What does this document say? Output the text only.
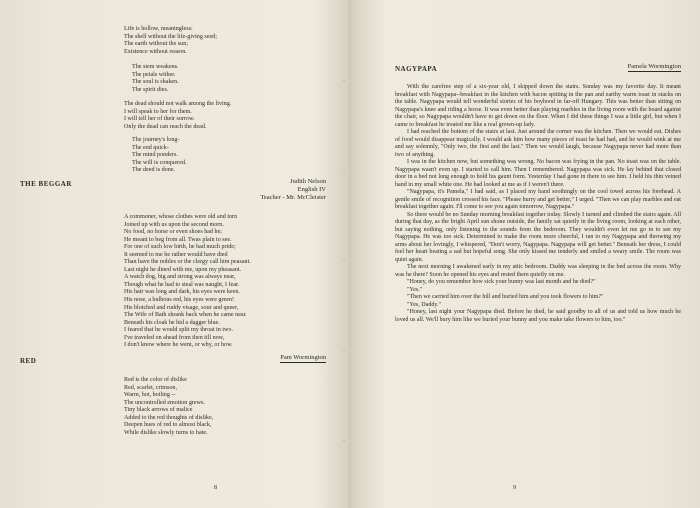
Life is hollow, meaningless:
The shell without the life-giving seed;
The earth without the sun;
Existence without reason.
The stem weakens.
The petals wither.
The soul is shaken.
The spirit dies.
The dead should not walk among the living.
I will speak to her for them.
I will tell her of their sorrow.
Only the dead can reach the dead.
The journey's long-
The end quick-
The mind ponders.
The will is conquered.
The deed is done.
THE BEGGAR	Judith Nelson
English IV
Teacher - Mr. McCleister
A commoner, whose clothes were old and torn
Joined up with us upon the second morn.
No food, no horse or even shoes had he;
He meant to beg from all. Twas plain to see.
For one of such low birth, he had much pride;
It seemed to me he rather would have died
Than have the nobles or the clergy call him peasant.
Last night he dined with me, upon my pheasant.
A watch dog, big and strong was always near,
Though what he had to steal was naught, I fear.
His hair was long and dark, his eyes were keen.
His nose, a bulbous red, his eyes were green!
His blotched and ruddy visage, sour and queer,
The Wife of Bath shrank back when he came near.
Beneath his cloak he hid a dagger blue.
I feared that he would split my throat in two.
I've traveled on ahead from then till now,
I don't know where he went, or why, or how.
RED	Pam Wormington
Red is the color of dislike
Red, scarlet, crimson,
Warm, hot, boiling --
The uncontrolled emotion grews.
Tiny black arrows of malice
Added to the red thoughts of dislike,
Deepen hues of red to almost black,
While dislike slowly turns to hate.
8
NAGYPAPA	Pamela Wormington

With the carefree step of a six-year old, I skipped down the stairs. Sunday was my favorite day. It meant breakfast with Nagypapa--breakfast in the kitchen with bacon spitting in the pan and earthy warm toast in stacks on the table. Nagypapa would tell wonderful stories of his boyhood in far-off Hungary. This was better than sitting on Nagypapa's knee and riding a horse. It was even better than playing marbles in the living room with the board against the chair, so Nagypapa wouldn't have to get down on the floor. When I did these things I was a little girl, but when I came to breakfast he treated me like a real grown-up lady.

I had reached the bottom of the stairs at last. Just around the corner was the kitchen. Then we would eat. Dishes of food would disappear magically. I would ask him how many pieces of toast he had had, and he would wink at me and say solemnly, "Only two, the first and the last." Then we would laugh, because Nagypapa never had more than two of anything.

I was in the kitchen now, but something was wrong. No bacon was frying in the pan. No toast was on the table. Nagypapa wasn't even up. I started to call him. Then I remembered. Nagypapa was sick. He lay behind that closed door in a bed not long enough to hold his gaunt form. Yesterday I had gone in there to see him. I held his thin veined hand in my small white one. He had looked at me as if I weren't there.

"Nagypapa, it's Pamela," I had said, as I placed my hand soothingly on the cool towel across his forehead. A gentle smile of recognition crossed his face. "Please hurry and get better," I urged. "Then we can play marbles and eat breakfast together again. I'll come to see you again tomorrow, Nagypapa."

So there would be no Sunday morning breakfast together today. Slowly I turned and climbed the stairs again. All during that day, as the bright April sun shone outside, the family sat quietly in the living room, looking at each other, but saying nothing, only listening to the sounds from the bedroom. They wouldn't even let me go in to see my Nagypapa. He was too sick. Determined to make the room more cheerful, I ran to my Nagypapa and throwing my arms about her lovingly, I whispered, "Don't worry, Nagypapa. Nagypapa will get better." Beneath her dress, I could feel her heart beating a sad but hopeful song. She only kissed me tenderly and smiled a weary smile. The room was quiet again.

The next morning I awakened early in my attic bedroom. Daddy was sleeping in the bed across the room. Why was he there? Soon he opened his eyes and rested them quietly on me.

"Honey, do you remember how sick your bunny was last month and he died?"

"Yes."

"Then we carried him over the hill and buried him and you took flowers to him?"

"Yes, Daddy."

"Honey, last night your Nagypapa died. Before he died, he said goodby to all of us and told us how much he loved us all. We'll bury him like we buried your bunny and you make take flowers to him, too."

9
-
-
-
-
-
